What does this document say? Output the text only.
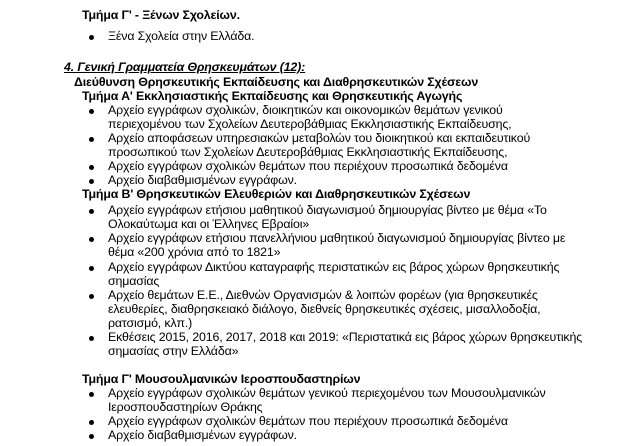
Τμήμα Γ' - Ξένων Σχολείων.
Ξένα Σχολεία στην Ελλάδα.
4. Γενική Γραμματεία Θρησκευμάτων (12):
Διεύθυνση Θρησκευτικής Εκπαίδευσης και Διαθρησκευτικών Σχέσεων
Τμήμα Α' Εκκλησιαστικής Εκπαίδευσης και Θρησκευτικής Αγωγής
Αρχείο εγγράφων σχολικών, διοικητικών και οικονομικών θεμάτων γενικού
περιεχομένου των Σχολείων Δευτεροβάθμιας Εκκλησιαστικής Εκπαίδευσης,
Αρχείο αποφάσεων υπηρεσιακών μεταβολών του διοικητικού και εκπαιδευτικού
προσωπικού των Σχολείων Δευτεροβάθμιας Εκκλησιαστικής Εκπαίδευσης,
Αρχείο εγγράφων σχολικών θεμάτων που περιέχουν προσωπικά δεδομένα
Αρχείο διαβαθμισμένων εγγράφων.
Τμήμα Β' Θρησκευτικών Ελευθεριών και Διαθρησκευτικών Σχέσεων
Αρχείο εγγράφων ετήσιου μαθητικού διαγωνισμού δημιουργίας βίντεο με θέμα «Το
Ολοκαύτωμα και οι Έλληνες Εβραίοι»
Αρχείο εγγράφων ετήσιου πανελλήνιου μαθητικού διαγωνισμού δημιουργίας βίντεο με
θέμα «200 χρόνια από το 1821»
Αρχείο εγγράφων Δικτύου καταγραφής περιστατικών εις βάρος χώρων θρησκευτικής
σημασίας
Αρχείο θεμάτων Ε.Ε., Διεθνών Οργανισμών & λοιπών φορέων (για θρησκευτικές
ελευθερίες, διαθρησκειακό διάλογο, διεθνείς θρησκευτικές σχέσεις, μισαλλοδοξία,
ρατσισμό, κλπ.)
Εκθέσεις 2015, 2016, 2017, 2018 και 2019: «Περιστατικά εις βάρος χώρων θρησκευτικής
σημασίας στην Ελλάδα»
Τμήμα Γ' Μουσουλμανικών Ιεροσπουδαστηρίων
Αρχείο εγγράφων σχολικών θεμάτων γενικού περιεχομένου των Μουσουλμανικών
Ιεροσπουδαστηρίων Θράκης
Αρχείο εγγράφων σχολικών θεμάτων που περιέχουν προσωπικά δεδομένα
Αρχείο διαβαθμισμένων εγγράφων.
